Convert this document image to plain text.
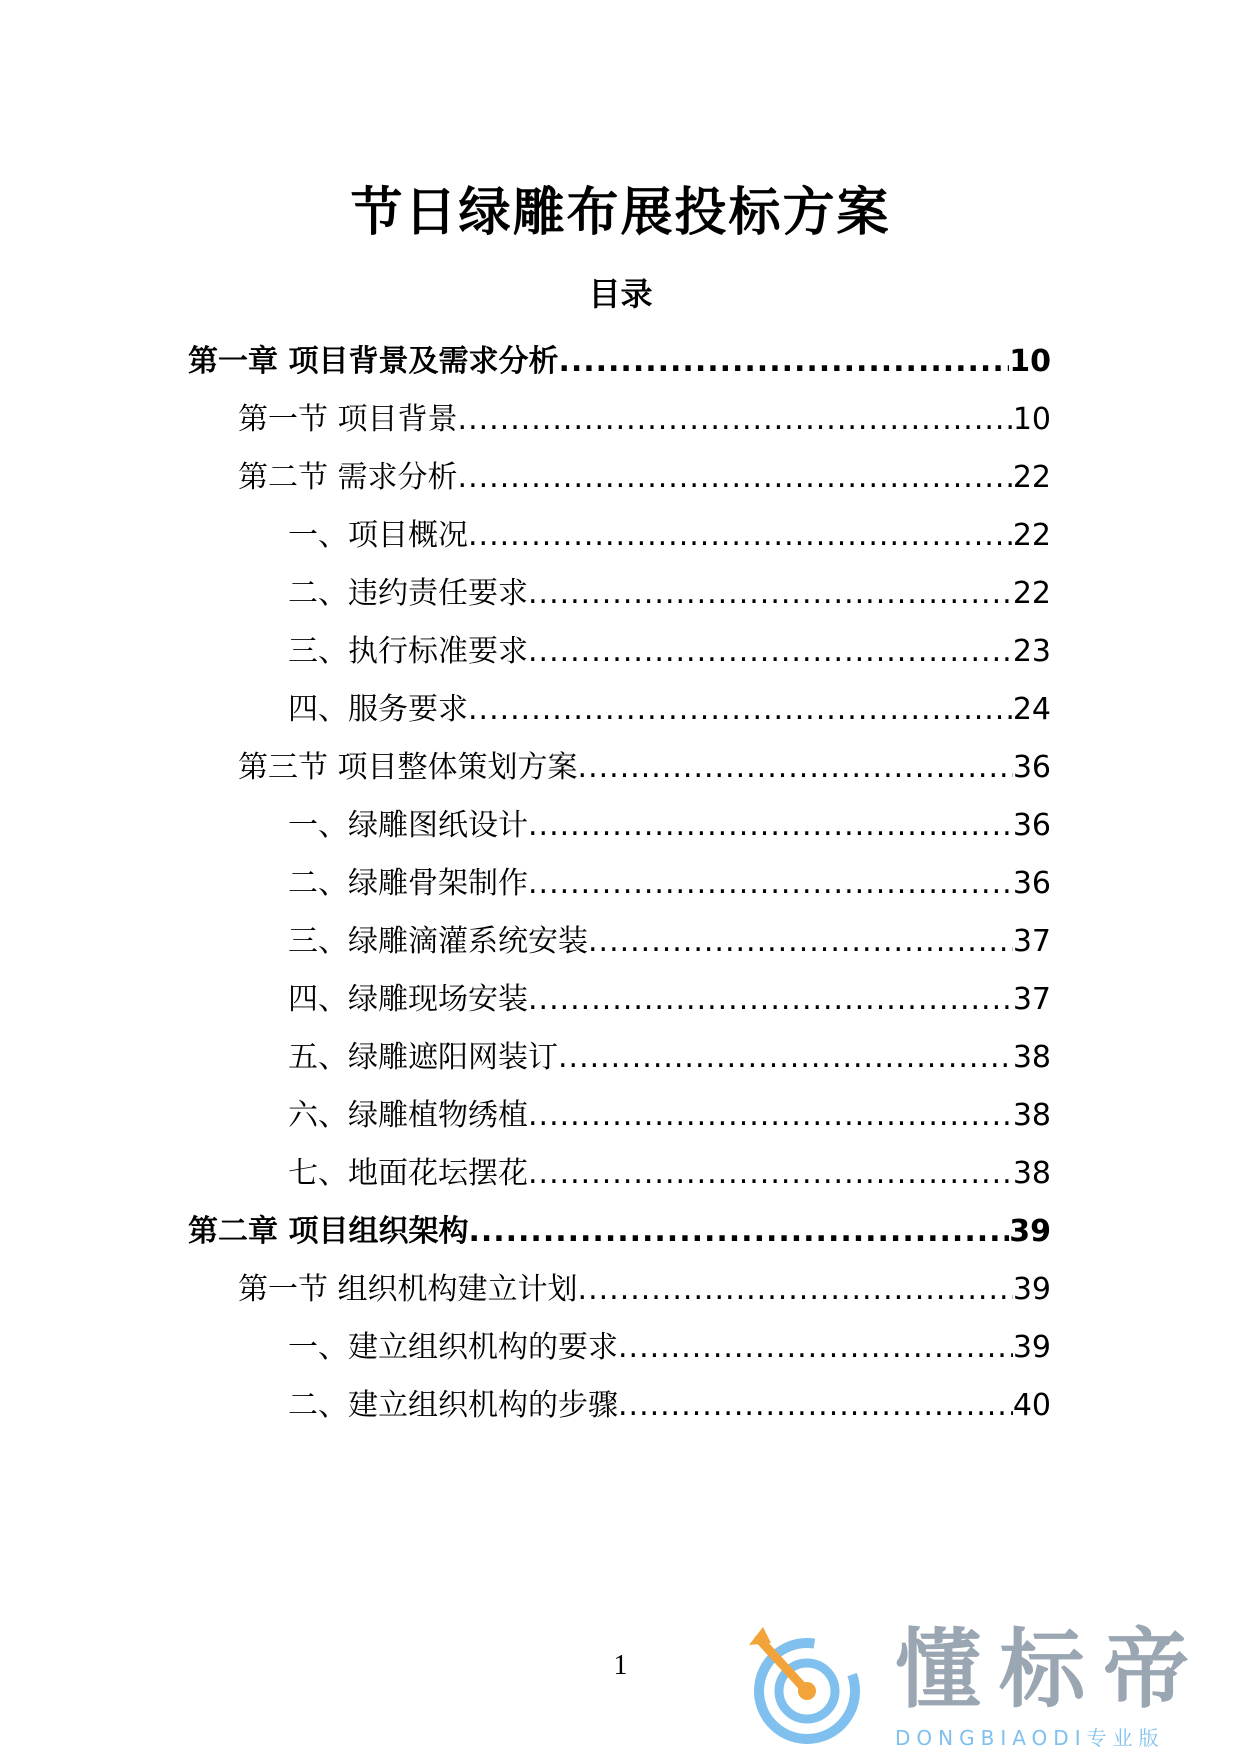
节日绿雕布展投标方案
目录
第一章 项目背景及需求分析 .....	10
第一节 项目背景 .....	10
第二节 需求分析 .....	22
一、项目概况 .....	22
二、违约责任要求 .....	22
三、执行标准要求 .....	23
四、服务要求 .....	24
第三节 项目整体策划方案 .....	36
一、绿雕图纸设计 .....	36
二、绿雕骨架制作 .....	36
三、绿雕滴灌系统安装 .....	37
四、绿雕现场安装 .....	37
五、绿雕遮阳网装订 .....	38
六、绿雕植物绣植 .....	38
七、地面花坛摆花 .....	38
第二章 项目组织架构 .....	39
第一节 组织机构建立计划 .....	39
一、建立组织机构的要求 .....	39
二、建立组织机构的步骤 .....	40
1	懂标帝
DONGBIAODI专业版
